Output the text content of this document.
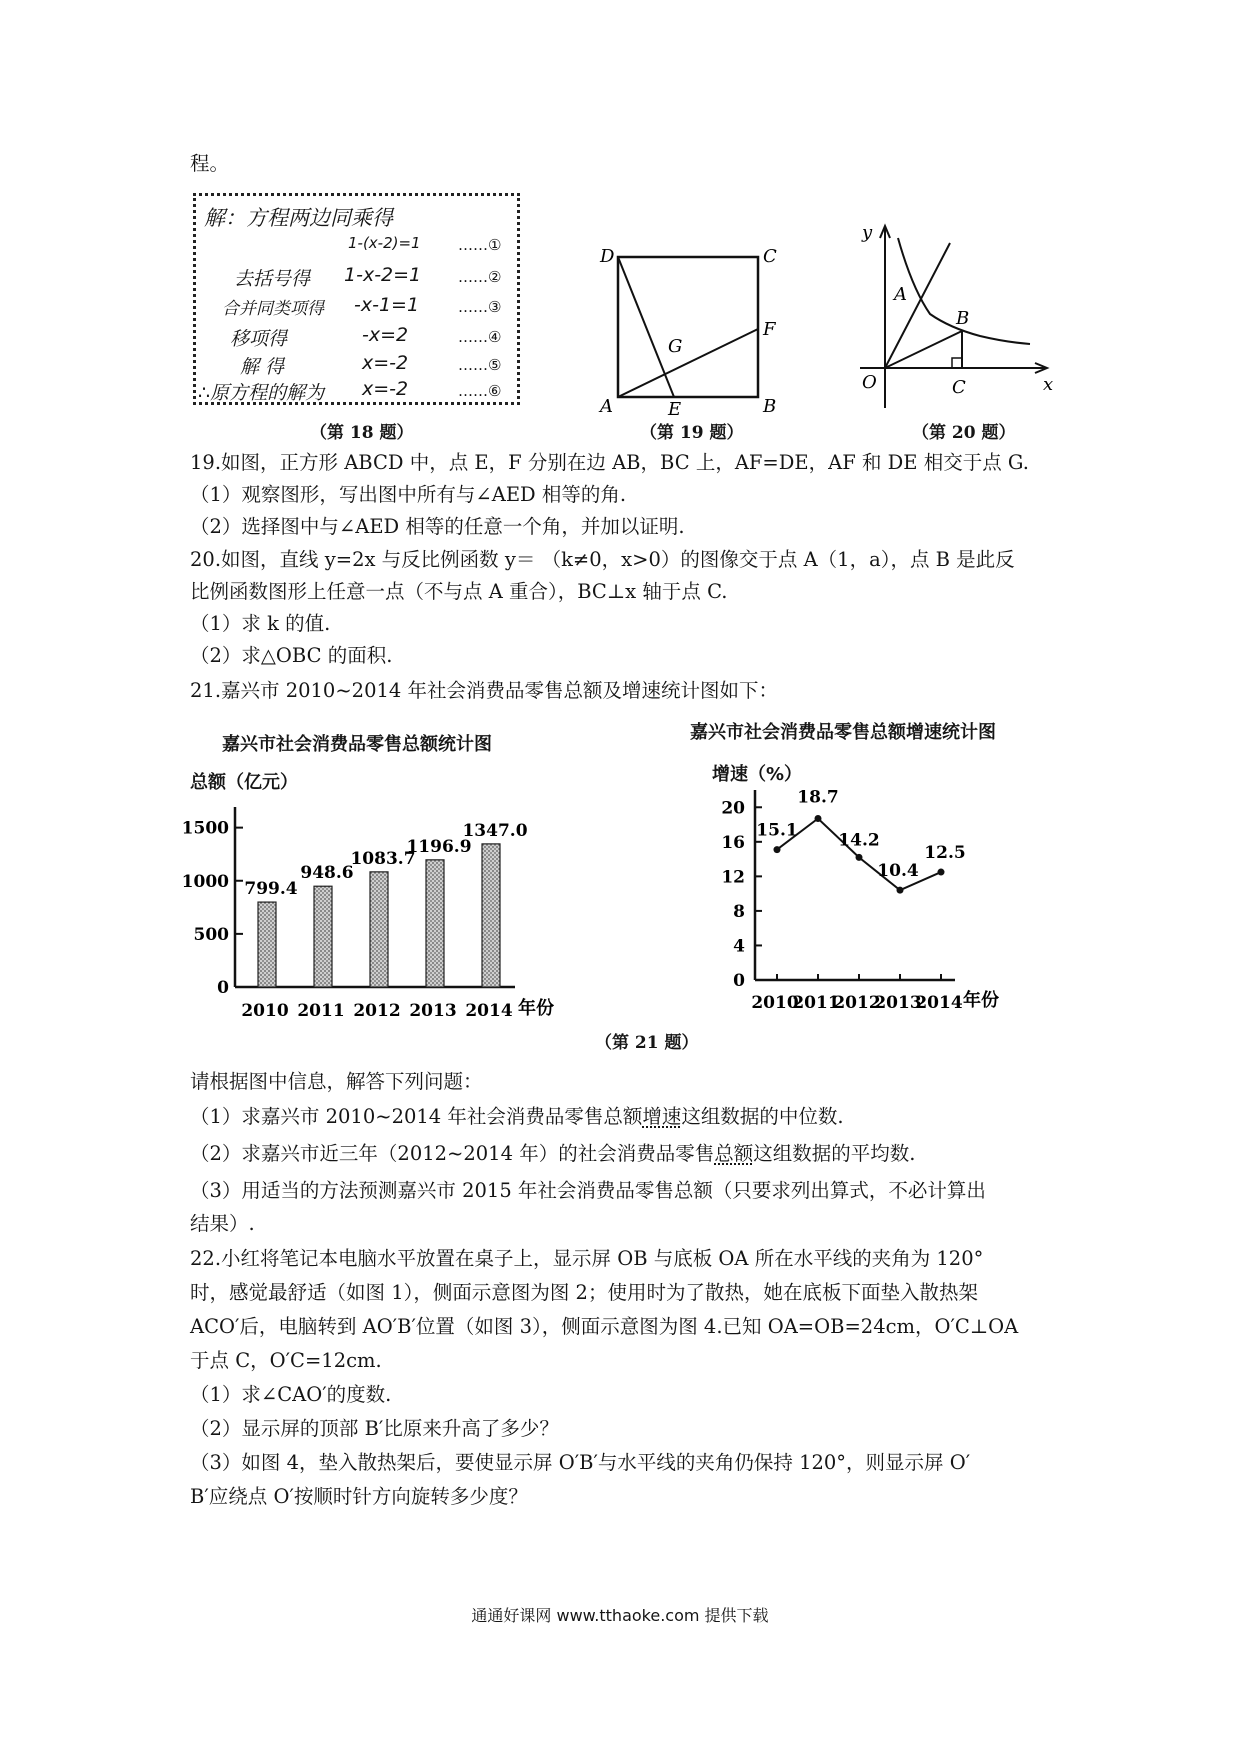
程。
解：方程两边同乘得
1-(x-2)=1 ……①
去括号得 1-x-2=1 ……②
合并同类项得 -x-1=1	……③
移项得	-x=2	……④
解 得	x=-2	……⑤
∴原方程的解为 x=-2	……⑥
（第 18 题）
D	C
A	B
E
F
G
（第 19 题）
y
x
O
A
B
C
（第 20 题）
19.如图，正方形 ABCD 中，点 E，F 分别在边 AB，BC 上，AF=DE，AF 和 DE 相交于点 G.
（1）观察图形，写出图中所有与∠AED 相等的角.
（2）选择图中与∠AED 相等的任意一个角，并加以证明.
20.如图，直线 y=2x 与反比例函数 y＝ （k≠0，x>0）的图像交于点 A（1，a），点 B 是此反
比例函数图形上任意一点（不与点 A 重合），BC⊥x 轴于点 C.
（1）求 k 的值.
（2）求△OBC 的面积.
21.嘉兴市 2010~2014 年社会消费品零售总额及增速统计图如下：
嘉兴市社会消费品零售总额统计图
总额（亿元）
0
500
1000
1500
799.4
2010
948.6
2011
1083.7
2012
1196.9
2013
1347.0
2014 年份
嘉兴市社会消费品零售总额增速统计图
增速（%）
0
4
8
12
16
20
15.1
2010
18.7
2011
14.2
2012
10.4
2013
12.5
2014 年份
（第 21 题）
请根据图中信息，解答下列问题：
（1）求嘉兴市 2010~2014 年社会消费品零售总额增速这组数据的中位数.
（2）求嘉兴市近三年（2012~2014 年）的社会消费品零售总额这组数据的平均数.
（3）用适当的方法预测嘉兴市 2015 年社会消费品零售总额（只要求列出算式，不必计算出
结果）.
22.小红将笔记本电脑水平放置在桌子上，显示屏 OB 与底板 OA 所在水平线的夹角为 120°
时，感觉最舒适（如图 1），侧面示意图为图 2；使用时为了散热，她在底板下面垫入散热架
ACO′后，电脑转到 AO′B′位置（如图 3），侧面示意图为图 4.已知 OA=OB=24cm，O′C⊥OA
于点 C，O′C=12cm.
（1）求∠CAO′的度数.
（2）显示屏的顶部 B′比原来升高了多少？
（3）如图 4，垫入散热架后，要使显示屏 O′B′与水平线的夹角仍保持 120°，则显示屏 O′
B′应绕点 O′按顺时针方向旋转多少度？
通通好课网 www.tthaoke.com 提供下载
